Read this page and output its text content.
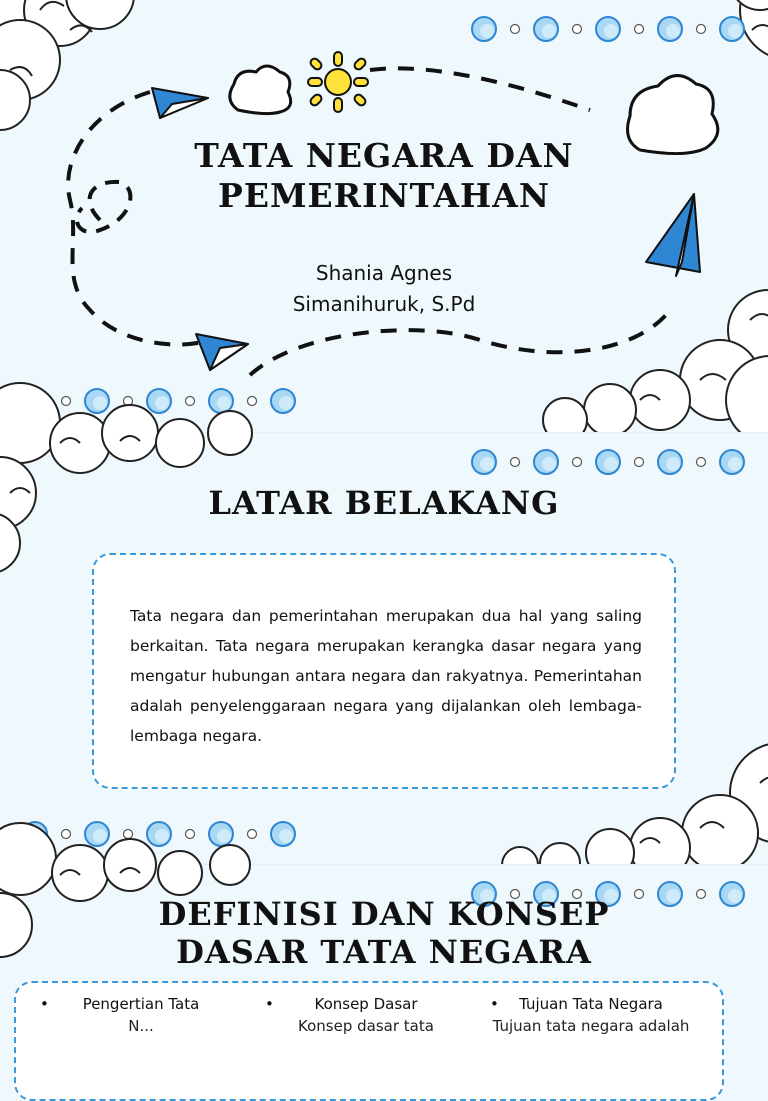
TATA NEGARA DAN
PEMERINTAHAN
Shania Agnes
Simanihuruk, S.Pd
LATAR BELAKANG

Tata negara dan pemerintahan merupakan dua hal yang saling berkaitan. Tata negara merupakan kerangka dasar negara yang mengatur hubungan antara negara dan rakyatnya. Pemerintahan adalah penyelenggaraan negara yang dijalankan oleh lembaga-lembaga negara.

DEFINISI DAN KONSEP
DASAR TATA NEGARA
• Pengertian Tata
N...
• Konsep Dasar
Konsep dasar tata
• Tujuan Tata Negara
Tujuan tata negara adalah
